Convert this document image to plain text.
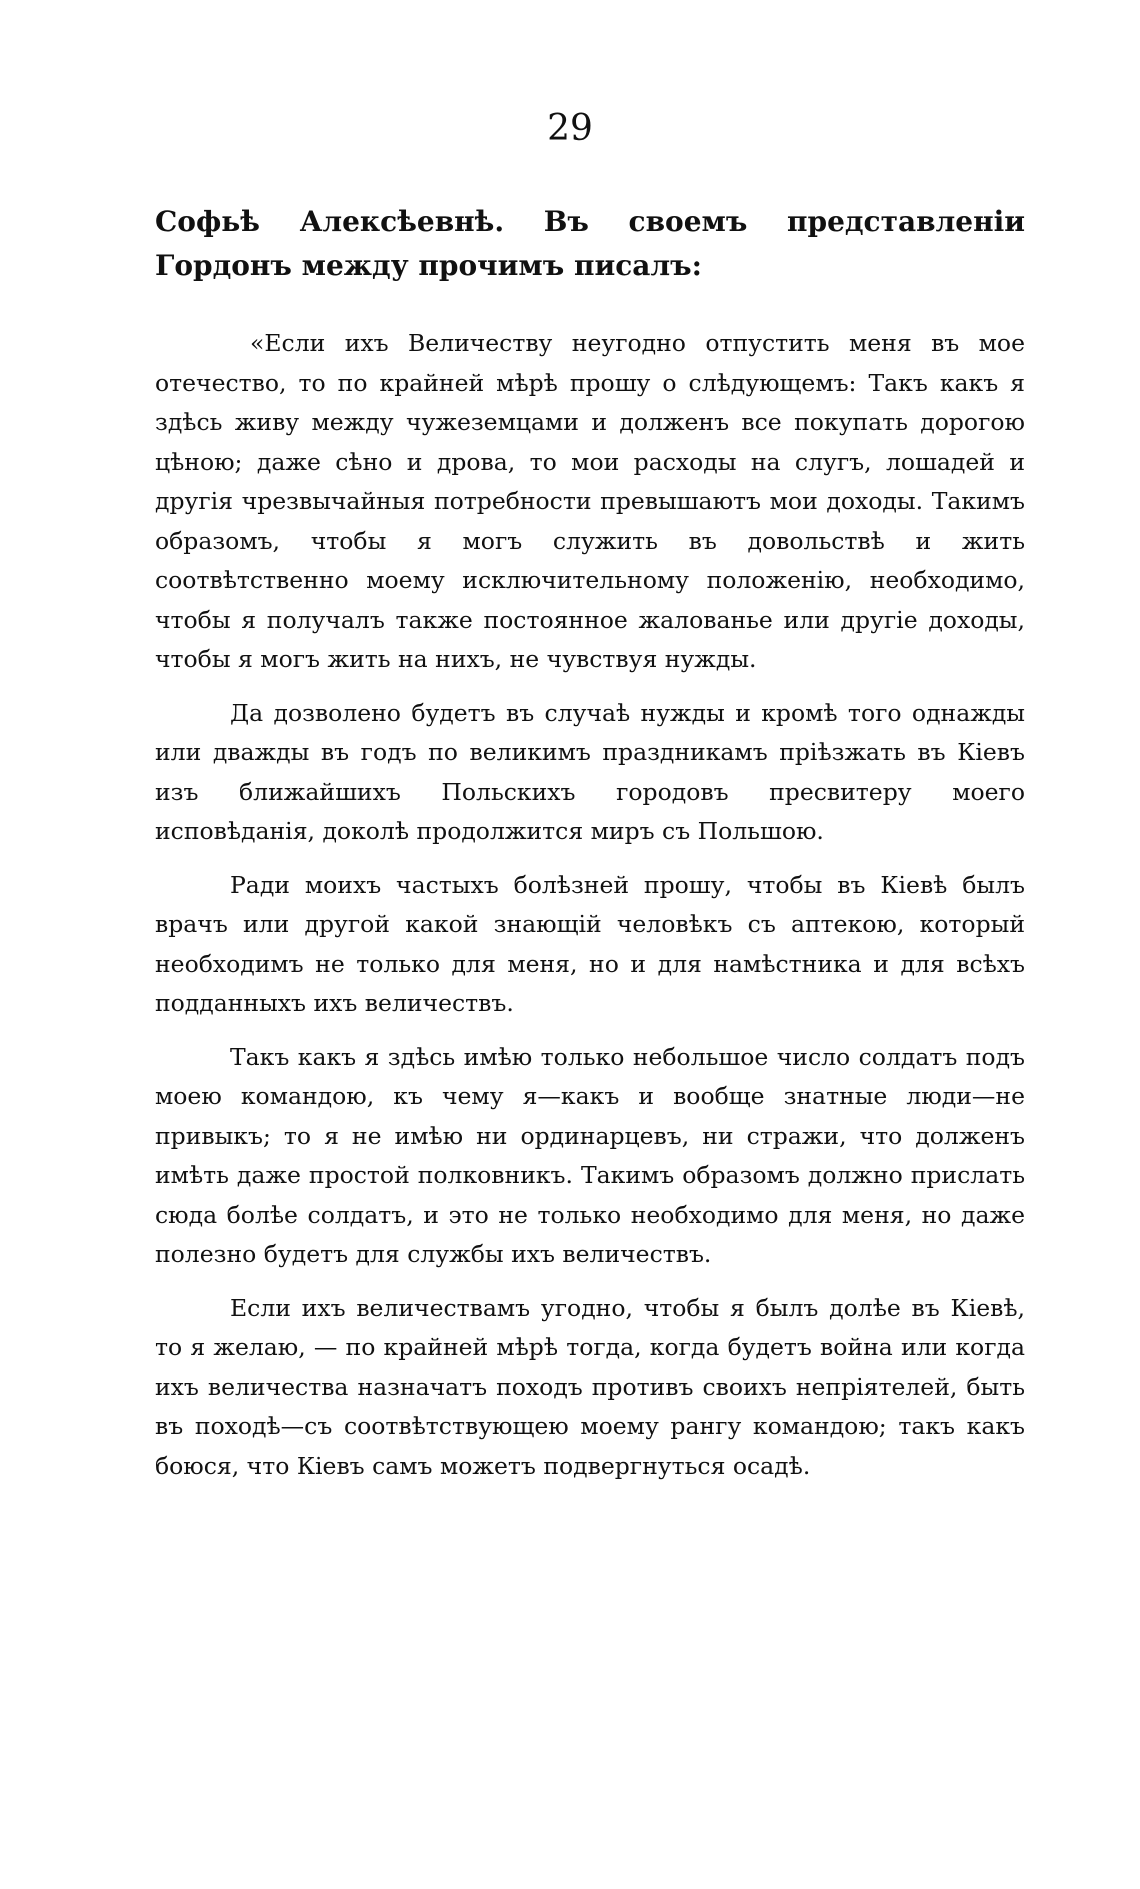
29

Софьѣ Алексѣевнѣ. Въ своемъ представленіи Гордонъ между прочимъ писалъ:

«Если ихъ Величеству неугодно отпустить меня въ мое отечество, то по крайней мѣрѣ прошу о слѣдующемъ: Такъ какъ я здѣсь живу между чужеземцами и долженъ все покупать дорогою цѣною; даже сѣно и дрова, то мои расходы на слугъ, лошадей и другія чрезвычайныя потребности превышаютъ мои доходы. Такимъ образомъ, чтобы я могъ служить въ довольствѣ и жить соотвѣтственно моему исключительному положенію, необходимо, чтобы я получалъ также постоянное жалованье или другіе доходы, чтобы я могъ жить на нихъ, не чувствуя нужды.

Да дозволено будетъ въ случаѣ нужды и кромѣ того однажды или дважды въ годъ по великимъ праздникамъ пріѣзжать въ Кіевъ изъ ближайшихъ Польскихъ городовъ пресвитеру моего исповѣданія, доколѣ продолжится миръ съ Польшою.

Ради моихъ частыхъ болѣзней прошу, чтобы въ Кіевѣ былъ врачъ или другой какой знающій человѣкъ съ аптекою, который необходимъ не только для меня, но и для намѣстника и для всѣхъ подданныхъ ихъ величествъ.

Такъ какъ я здѣсь имѣю только небольшое число солдатъ подъ моею командою, къ чему я—какъ и вообще знатные люди—не привыкъ; то я не имѣю ни ординарцевъ, ни стражи, что долженъ имѣть даже простой полковникъ. Такимъ образомъ должно прислать сюда болѣе солдатъ, и это не только необходимо для меня, но даже полезно будетъ для службы ихъ величествъ.

Если ихъ величествамъ угодно, чтобы я былъ долѣе въ Кіевѣ, то я желаю, — по крайней мѣрѣ тогда, когда будетъ война или когда ихъ величества назначатъ походъ противъ своихъ непріятелей, быть въ походѣ—съ соотвѣтствующею моему рангу командою; такъ какъ боюся, что Кіевъ самъ можетъ подвергнуться осадѣ.
